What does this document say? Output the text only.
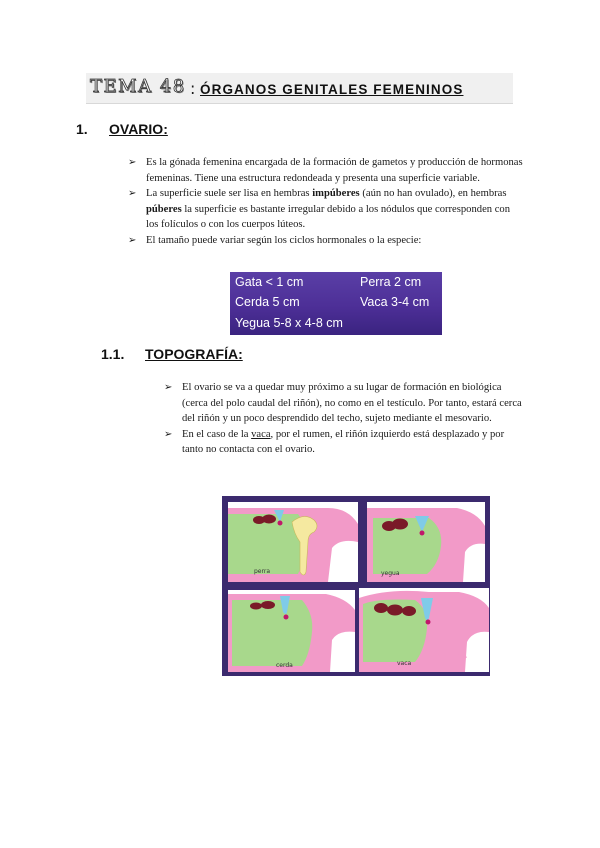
TEMA 48 : ÓRGANOS GENITALES FEMENINOS
1. OVARIO:
➢ Es la gónada femenina encargada de la formación de gametos y producción de hormonas femeninas. Tiene una estructura redondeada y presenta una superficie variable.
➢ La superficie suele ser lisa en hembras impúberes (aún no han ovulado), en hembras púberes la superficie es bastante irregular debido a los nódulos que corresponden con los folículos o con los cuerpos lúteos.
➢ El tamaño puede variar según los ciclos hormonales o la especie:
Gata < 1 cm	Perra 2 cm
Cerda 5 cm	Vaca 3-4 cm
Yegua 5-8 x 4-8 cm
1.1. TOPOGRAFÍA:
➢ El ovario se va a quedar muy próximo a su lugar de formación en biológica (cerca del polo caudal del riñón), no como en el testículo. Por tanto, estará cerca del riñón y un poco desprendido del techo, sujeto mediante el mesovario.
➢ En el caso de la vaca, por el rumen, el riñón izquierdo está desplazado y por tanto no contacta con el ovario.
perra	yegua
cerda	vaca
